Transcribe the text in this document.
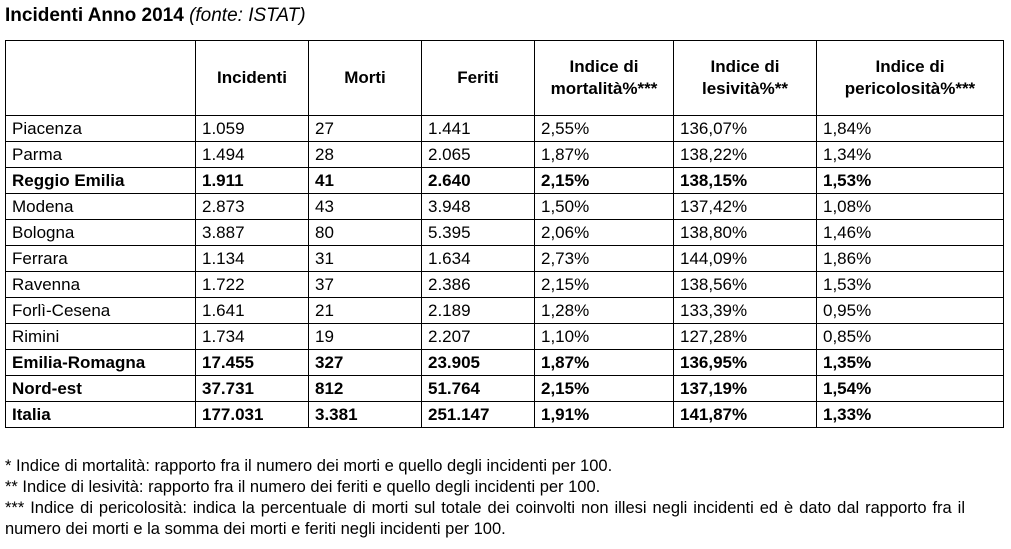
Incidenti Anno 2014 (fonte: ISTAT)
	Incidenti	Morti	Feriti	Indice di mortalità%***	Indice di lesività%**	Indice di pericolosità%***
Piacenza	1.059	27	1.441	2,55%	136,07%	1,84%
Parma	1.494	28	2.065	1,87%	138,22%	1,34%
Reggio Emilia	1.911	41	2.640	2,15%	138,15%	1,53%
Modena	2.873	43	3.948	1,50%	137,42%	1,08%
Bologna	3.887	80	5.395	2,06%	138,80%	1,46%
Ferrara	1.134	31	1.634	2,73%	144,09%	1,86%
Ravenna	1.722	37	2.386	2,15%	138,56%	1,53%
Forlì-Cesena	1.641	21	2.189	1,28%	133,39%	0,95%
Rimini	1.734	19	2.207	1,10%	127,28%	0,85%
Emilia-Romagna	17.455	327	23.905	1,87%	136,95%	1,35%
Nord-est	37.731	812	51.764	2,15%	137,19%	1,54%
Italia	177.031	3.381	251.147	1,91%	141,87%	1,33%

* Indice di mortalità: rapporto fra il numero dei morti e quello degli incidenti per 100.

** Indice di lesività: rapporto fra il numero dei feriti e quello degli incidenti per 100.

*** Indice di pericolosità: indica la percentuale di morti sul totale dei coinvolti non illesi negli incidenti ed è dato dal rapporto fra il numero dei morti e la somma dei morti e feriti negli incidenti per 100.
